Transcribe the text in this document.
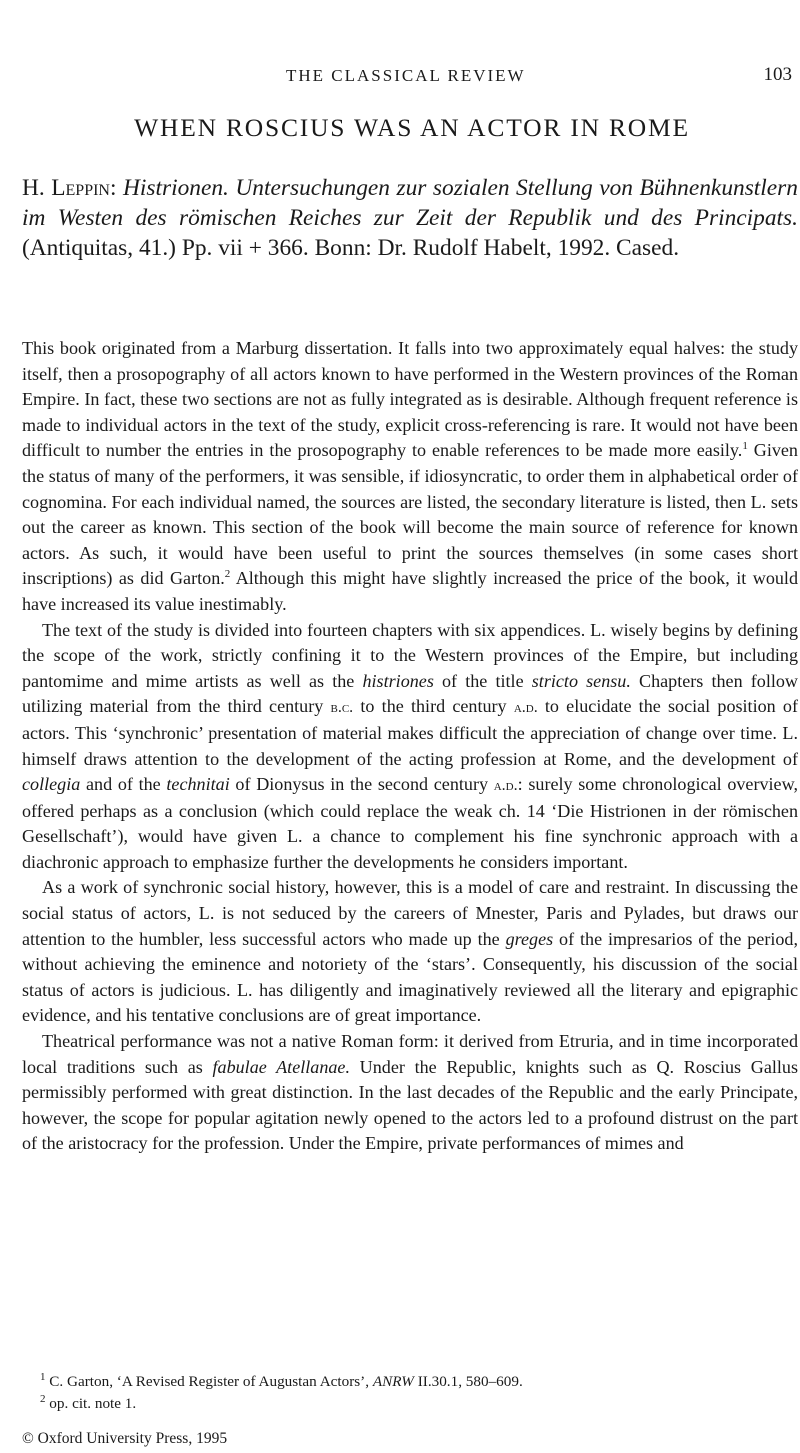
THE CLASSICAL REVIEW	103
WHEN ROSCIUS WAS AN ACTOR IN ROME
H. Leppin: Histrionen. Untersuchungen zur sozialen Stellung von Bühnenkunstlern im Westen des römischen Reiches zur Zeit der Republik und des Principats. (Antiquitas, 41.) Pp. vii + 366. Bonn: Dr. Rudolf Habelt, 1992. Cased.

This book originated from a Marburg dissertation. It falls into two approximately equal halves: the study itself, then a prosopography of all actors known to have performed in the Western provinces of the Roman Empire. In fact, these two sections are not as fully integrated as is desirable. Although frequent reference is made to individual actors in the text of the study, explicit cross-referencing is rare. It would not have been difficult to number the entries in the prosopography to enable references to be made more easily.$^1$ Given the status of many of the performers, it was sensible, if idiosyncratic, to order them in alphabetical order of cognomina. For each individual named, the sources are listed, the secondary literature is listed, then L. sets out the career as known. This section of the book will become the main source of reference for known actors. As such, it would have been useful to print the sources themselves (in some cases short inscriptions) as did Garton.$^2$ Although this might have slightly increased the price of the book, it would have increased its value inestimably.

The text of the study is divided into fourteen chapters with six appendices. L. wisely begins by defining the scope of the work, strictly confining it to the Western provinces of the Empire, but including pantomime and mime artists as well as the histriones of the title stricto sensu. Chapters then follow utilizing material from the third century b.c. to the third century a.d. to elucidate the social position of actors. This ‘synchronic’ presentation of material makes difficult the appreciation of change over time. L. himself draws attention to the development of the acting profession at Rome, and the development of collegia and of the technitai of Dionysus in the second century a.d.: surely some chronological overview, offered perhaps as a conclusion (which could replace the weak ch. 14 ‘Die Histrionen in der römischen Gesellschaft’), would have given L. a chance to complement his fine synchronic approach with a diachronic approach to emphasize further the developments he considers important.

As a work of synchronic social history, however, this is a model of care and restraint. In discussing the social status of actors, L. is not seduced by the careers of Mnester, Paris and Pylades, but draws our attention to the humbler, less successful actors who made up the greges of the impresarios of the period, without achieving the eminence and notoriety of the ‘stars’. Consequently, his discussion of the social status of actors is judicious. L. has diligently and imaginatively reviewed all the literary and epigraphic evidence, and his tentative conclusions are of great importance.

Theatrical performance was not a native Roman form: it derived from Etruria, and in time incorporated local traditions such as fabulae Atellanae. Under the Republic, knights such as Q. Roscius Gallus permissibly performed with great distinction. In the last decades of the Republic and the early Principate, however, the scope for popular agitation newly opened to the actors led to a profound distrust on the part of the aristocracy for the profession. Under the Empire, private performances of mimes and

$^1$ C. Garton, ‘A Revised Register of Augustan Actors’, ANRW II.30.1, 580–609.

$^2$ op. cit. note 1.

© Oxford University Press, 1995
